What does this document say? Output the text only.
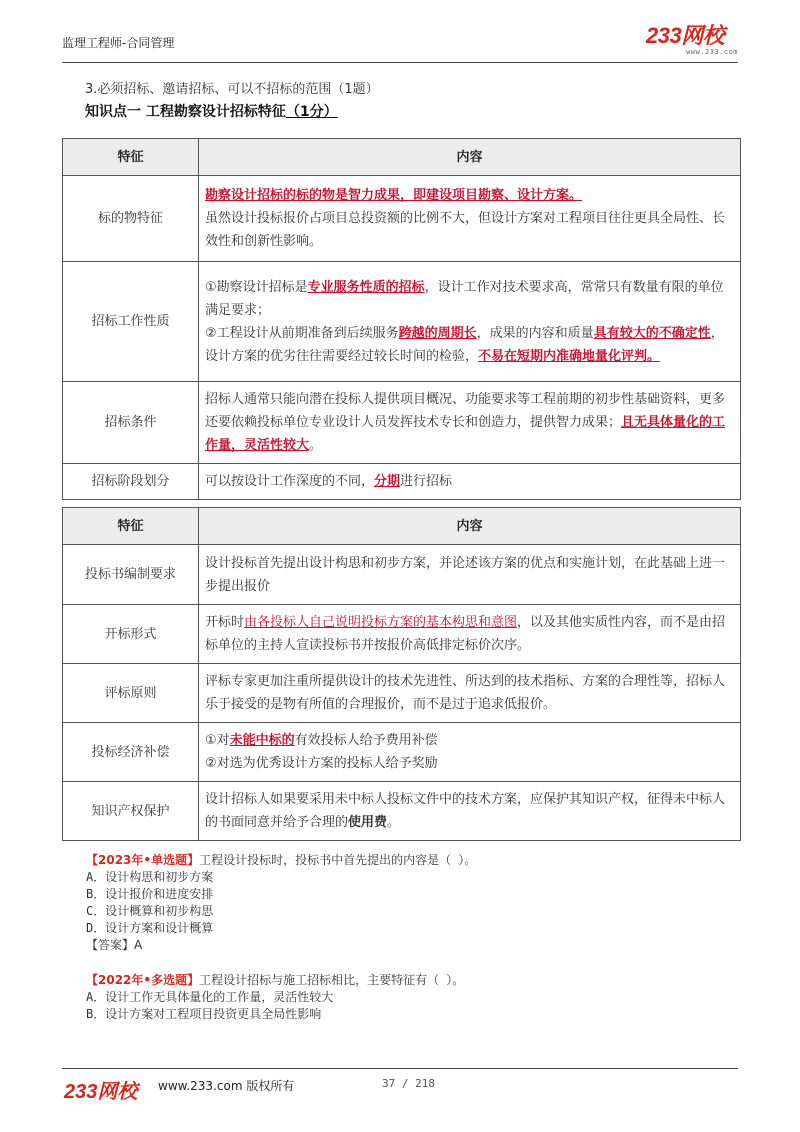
监理工程师-合同管理	233网校
www.233.com
3.必须招标、邀请招标、可以不招标的范围（1题）
知识点一 工程勘察设计招标特征（1分）
特征	内容
标的物特征	勘察设计招标的标的物是智力成果，即建设项目勘察、设计方案。
虽然设计投标报价占项目总投资额的比例不大，但设计方案对工程项目往往更具全局性、长效性和创新性影响。
招标工作性质	①勘察设计招标是专业服务性质的招标，设计工作对技术要求高，常常只有数量有限的单位满足要求；
②工程设计从前期准备到后续服务跨越的周期长，成果的内容和质量具有较大的不确定性，设计方案的优劣往往需要经过较长时间的检验，不易在短期内准确地量化评判。

招标条件	招标人通常只能向潜在投标人提供项目概况、功能要求等工程前期的初步性基础资料，更多还要依赖投标单位专业设计人员发挥技术专长和创造力，提供智力成果；且无具体量化的工作量，灵活性较大。
招标阶段划分	可以按设计工作深度的不同，分期进行招标
特征	内容
投标书编制要求	设计投标首先提出设计构思和初步方案，并论述该方案的优点和实施计划，在此基础上进一步提出报价
开标形式	开标时由各投标人自己说明投标方案的基本构思和意图，以及其他实质性内容，而不是由招标单位的主持人宣读投标书并按报价高低排定标价次序。
评标原则	评标专家更加注重所提供设计的技术先进性、所达到的技术指标、方案的合理性等，招标人乐于接受的是物有所值的合理报价，而不是过于追求低报价。
投标经济补偿	①对未能中标的有效投标人给予费用补偿
②对选为优秀设计方案的投标人给予奖励

知识产权保护	设计招标人如果要采用未中标人投标文件中的技术方案，应保护其知识产权，征得未中标人的书面同意并给予合理的使用费。
【2023年•单选题】工程设计投标时，投标书中首先提出的内容是（ ）。
A．设计构思和初步方案
B．设计报价和进度安排
C．设计概算和初步构思
D．设计方案和设计概算
【答案】A
【2022年•多选题】工程设计招标与施工招标相比，主要特征有（ ）。
A．设计工作无具体量化的工作量，灵活性较大
B．设计方案对工程项目投资更具全局性影响
233网校 www.233.com 版权所有	37 / 218
